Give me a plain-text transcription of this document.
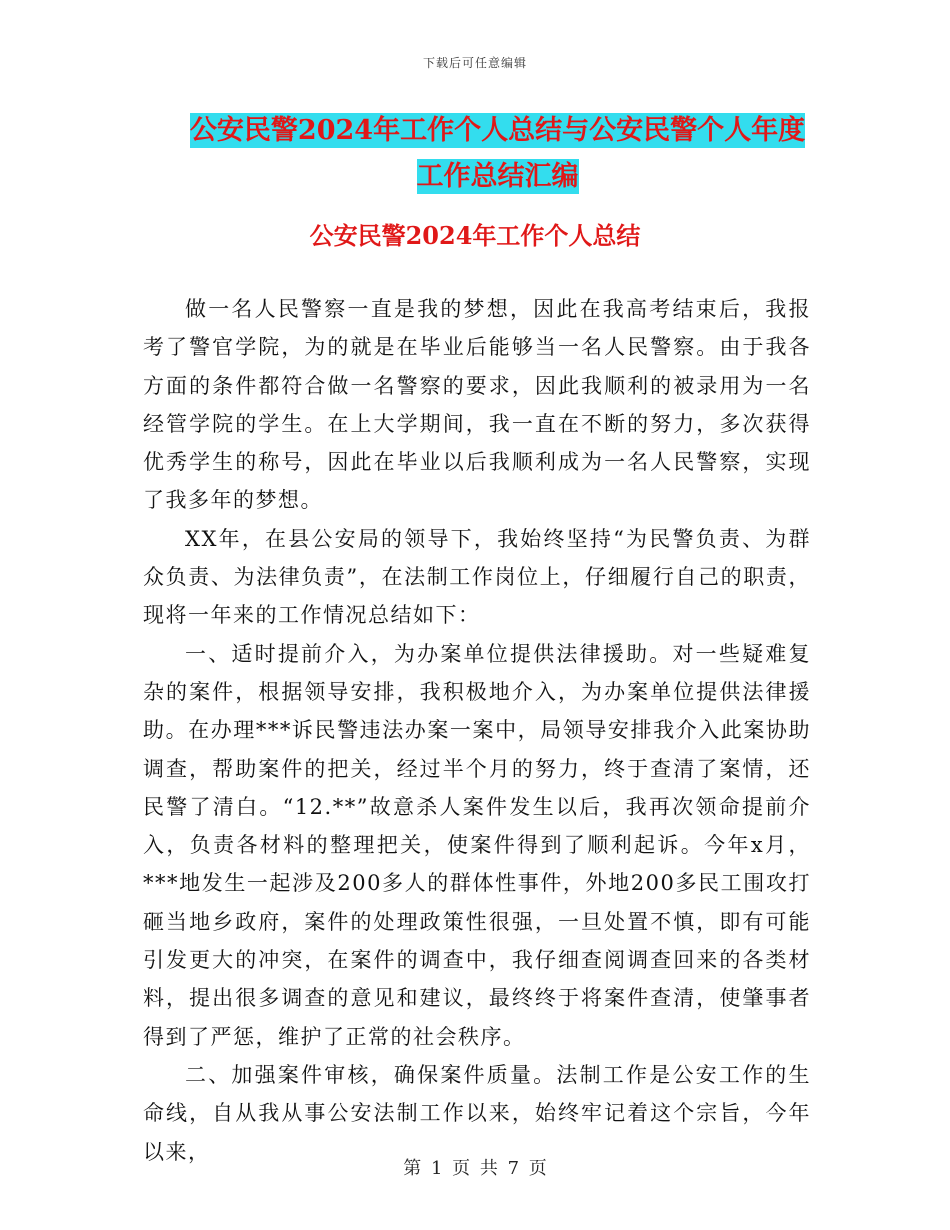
下载后可任意编辑
公安民警2024年工作个人总结与公安民警个人年度工作总结汇编
公安民警2024年工作个人总结

做一名人民警察一直是我的梦想，因此在我高考结束后，我报考了警官学院，为的就是在毕业后能够当一名人民警察。由于我各方面的条件都符合做一名警察的要求，因此我顺利的被录用为一名经管学院的学生。在上大学期间，我一直在不断的努力，多次获得优秀学生的称号，因此在毕业以后我顺利成为一名人民警察，实现了我多年的梦想。

XX年，在县公安局的领导下，我始终坚持“为民警负责、为群众负责、为法律负责”，在法制工作岗位上，仔细履行自己的职责，现将一年来的工作情况总结如下：

一、适时提前介入，为办案单位提供法律援助。对一些疑难复杂的案件，根据领导安排，我积极地介入，为办案单位提供法律援助。在办理***诉民警违法办案一案中，局领导安排我介入此案协助调查，帮助案件的把关，经过半个月的努力，终于查清了案情，还民警了清白。“12.**”故意杀人案件发生以后，我再次领命提前介入，负责各材料的整理把关，使案件得到了顺利起诉。今年x月，***地发生一起涉及200多人的群体性事件，外地200多民工围攻打砸当地乡政府，案件的处理政策性很强，一旦处置不慎，即有可能引发更大的冲突，在案件的调查中，我仔细查阅调查回来的各类材料，提出很多调查的意见和建议，最终终于将案件查清，使肇事者得到了严惩，维护了正常的社会秩序。

二、加强案件审核，确保案件质量。法制工作是公安工作的生命线，自从我从事公安法制工作以来，始终牢记着这个宗旨，今年以来，

第 1 页 共 7 页
